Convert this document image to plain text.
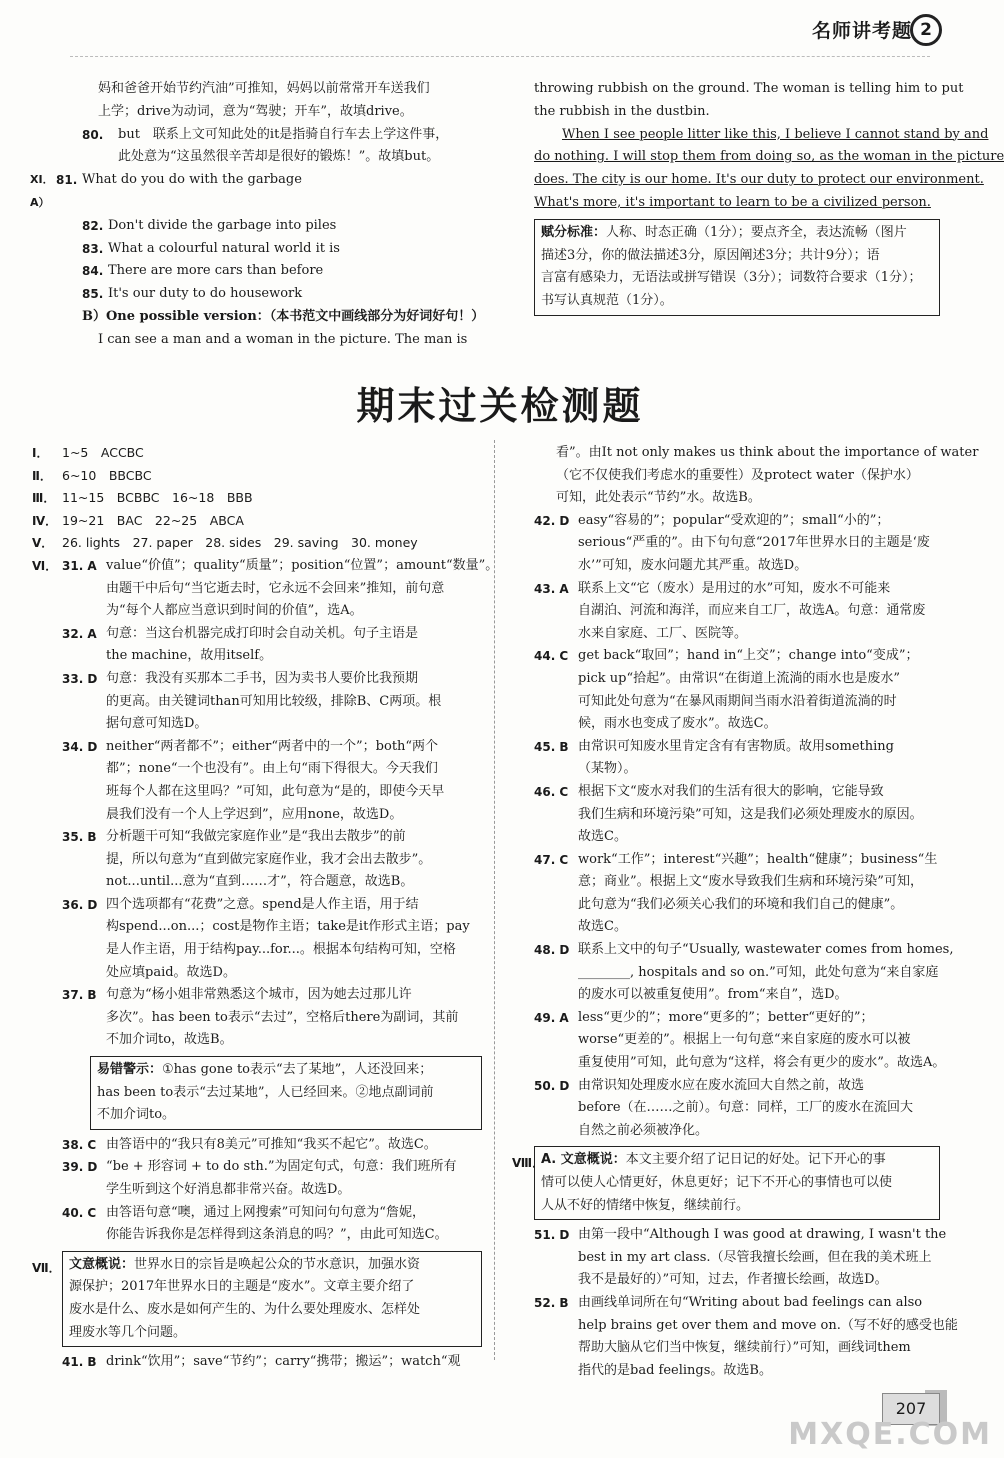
名师讲考题 2
妈和爸爸开始节约汽油”可推知，妈妈以前常常开车送我们
上学；drive为动词，意为“驾驶；开车”，故填drive。
80.	but　联系上文可知此处的it是指骑自行车去上学这件事，
此处意为“这虽然很辛苦却是很好的锻炼！”。故填but。
XI．A）
81. What do you do with the garbage
82. Don't divide the garbage into piles
83. What a colourful natural world it is
84. There are more cars than before
85. It's our duty to do housework
B）One possible version：（本书范文中画线部分为好词好句！）
I can see a man and a woman in the picture. The man is
throwing rubbish on the ground. The woman is telling him to put
the rubbish in the dustbin.
When I see people litter like this, I believe I cannot stand by and
do nothing. I will stop them from doing so, as the woman in the picture
does. The city is our home. It's our duty to protect our environment.
What's more, it's important to learn to be a civilized person.
赋分标准：人称、时态正确（1分）；要点齐全，表达流畅（图片
描述3分，你的做法描述3分，原因阐述3分；共计9分）；语
言富有感染力，无语法或拼写错误（3分）；词数符合要求（1分）；
书写认真规范（1分）。
期末过关检测题
Ⅰ．	1~5　ACCBC
Ⅱ． 6~10　BBCBC
Ⅲ． 11~15　BCBBC　16~18　BBB
Ⅳ． 19~21　BAC　22~25　ABCA
Ⅴ． 26. lights　27. paper　28. sides　29. saving　30. money
Ⅵ． 31. A value“价值”；quality“质量”；position“位置”；amount“数量”。
由题干中后句“当它逝去时，它永远不会回来”推知，前句意
为“每个人都应当意识到时间的价值”，选A。
32. A 句意：当这台机器完成打印时会自动关机。句子主语是
the machine，故用itself。
33. D 句意：我没有买那本二手书，因为卖书人要价比我预期
的更高。由关键词than可知用比较级，排除B、C两项。根
据句意可知选D。
34. D neither“两者都不”；either“两者中的一个”；both“两个
都”；none“一个也没有”。由上句“雨下得很大。今天我们
班每个人都在这里吗？”可知，此句意为“是的，即使今天早
晨我们没有一个人上学迟到”，应用none，故选D。
35. B 分析题干可知“我做完家庭作业”是“我出去散步”的前
提，所以句意为“直到做完家庭作业，我才会出去散步”。
not...until...意为“直到……才”，符合题意，故选B。
36. D 四个选项都有“花费”之意。spend是人作主语，用于结
构spend...on...；cost是物作主语；take是it作形式主语；pay
是人作主语，用于结构pay...for...。根据本句结构可知，空格
处应填paid。故选D。
37. B 句意为“杨小姐非常熟悉这个城市，因为她去过那儿许
多次”。has been to表示“去过”，空格后there为副词，其前
不加介词to，故选B。
易错警示：①has gone to表示“去了某地”，人还没回来；
has been to表示“去过某地”，人已经回来。②地点副词前
不加介词to。
38. C 由答语中的“我只有8美元”可推知“我买不起它”。故选C。
39. D “be + 形容词 + to do sth.”为固定句式，句意：我们班所有
学生听到这个好消息都非常兴奋。故选D。
40. C 由答语句意“噢，通过上网搜索”可知问句句意为“詹妮，
你能告诉我你是怎样得到这条消息的吗？”，由此可知选C。
Ⅶ． 文意概说：世界水日的宗旨是唤起公众的节水意识，加强水资
源保护；2017年世界水日的主题是“废水”。文章主要介绍了
废水是什么、废水是如何产生的、为什么要处理废水、怎样处
理废水等几个问题。
41. B drink“饮用”；save“节约”；carry“携带；搬运”；watch“观
看”。由It not only makes us think about the importance of water
（它不仅使我们考虑水的重要性）及protect water（保护水）
可知，此处表示“节约”水。故选B。
42. D easy“容易的”；popular“受欢迎的”；small“小的”；
serious“严重的”。由下句句意“2017年世界水日的主题是‘废
水’”可知，废水问题尤其严重。故选D。
43. A 联系上文“它（废水）是用过的水”可知，废水不可能来
自湖泊、河流和海洋，而应来自工厂，故选A。句意：通常废
水来自家庭、工厂、医院等。
44. C get back“取回”；hand in“上交”；change into“变成”；
pick up“拾起”。由常识“在街道上流淌的雨水也是废水”
可知此处句意为“在暴风雨期间当雨水沿着街道流淌的时
候，雨水也变成了废水”。故选C。
45. B 由常识可知废水里肯定含有有害物质。故用something
（某物）。
46. C 根据下文“废水对我们的生活有很大的影响，它能导致
我们生病和环境污染”可知，这是我们必须处理废水的原因。
故选C。
47. C work“工作”；interest“兴趣”；health“健康”；business“生
意；商业”。根据上文“废水导致我们生病和环境污染”可知，
此句意为“我们必须关心我们的环境和我们自己的健康”。
故选C。
48. D 联系上文中的句子“Usually, wastewater comes from homes,
________, hospitals and so on.”可知，此处句意为“来自家庭
的废水可以被重复使用”。from“来自”，选D。
49. A less“更少的”；more“更多的”；better“更好的”；
worse“更差的”。根据上一句句意“来自家庭的废水可以被
重复使用”可知，此句意为“这样，将会有更少的废水”。故选A。
50. D 由常识知处理废水应在废水流回大自然之前，故选
before（在……之前）。句意：同样，工厂的废水在流回大
自然之前必须被净化。
Ⅷ．
A. 文意概说：本文主要介绍了记日记的好处。记下开心的事
情可以使人心情更好，休息更好；记下不开心的事情也可以使
人从不好的情绪中恢复，继续前行。
51. D 由第一段中“Although I was good at drawing, I wasn't the
best in my art class.（尽管我擅长绘画，但在我的美术班上
我不是最好的）”可知，过去，作者擅长绘画，故选D。
52. B 由画线单词所在句“Writing about bad feelings can also
help brains get over them and move on.（写不好的感受也能
帮助大脑从它们当中恢复，继续前行）”可知，画线词them
指代的是bad feelings。故选B。
207
MXQE.COM
